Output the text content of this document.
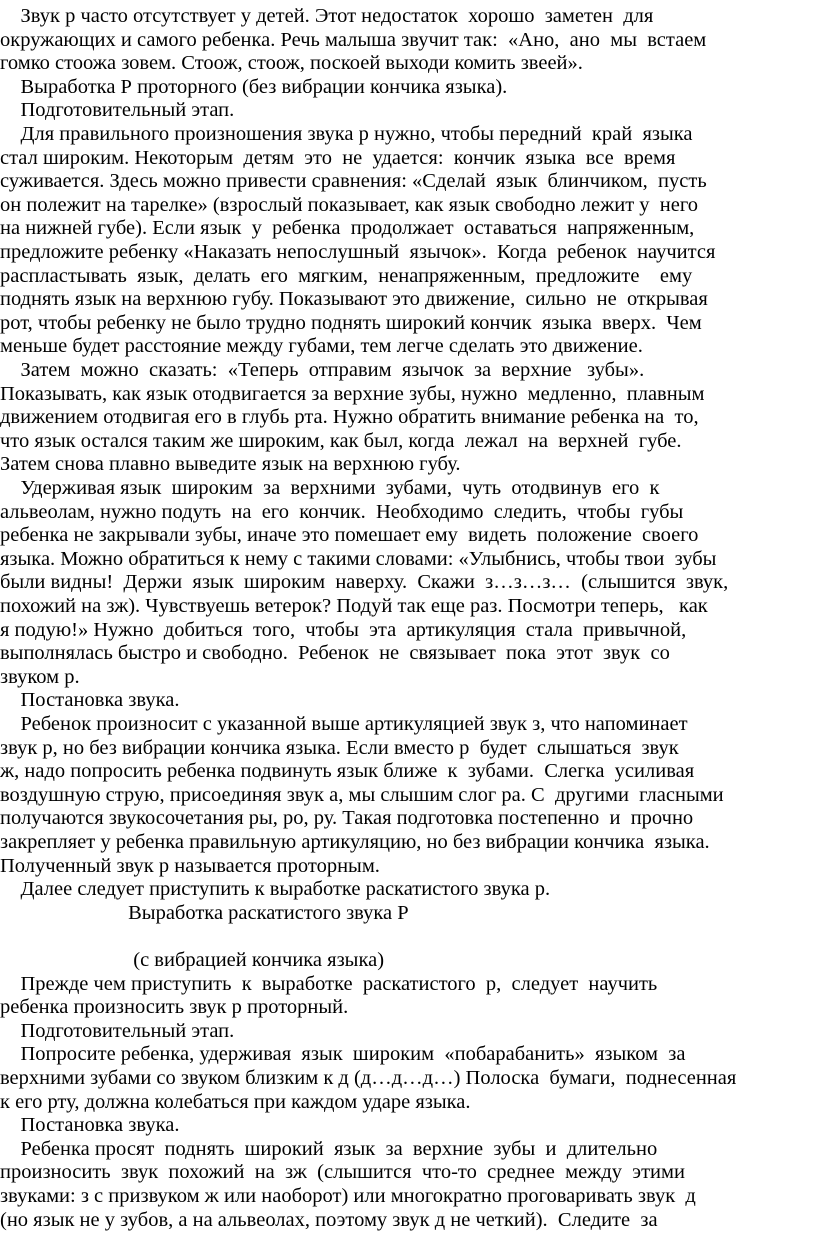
Звук р часто отсутствует у детей. Этот недостаток  хорошо  заметен  для
окружающих и самого ребенка. Речь малыша звучит так:  «Ано,  ано  мы  встаем
гомко стоожа зовем. Стоож, стоож, поскоей выходи комить звеей».
Выработка Р проторного (без вибрации кончика языка).
Подготовительный этап.
Для правильного произношения звука р нужно, чтобы передний  край  языка
стал широким. Некоторым  детям  это  не  удается:  кончик  языка  все  время
суживается. Здесь можно привести сравнения: «Сделай  язык  блинчиком,  пусть
он полежит на тарелке» (взрослый показывает, как язык свободно лежит у  него
на нижней губе). Если язык  у  ребенка  продолжает  оставаться  напряженным,
предложите ребенку «Наказать непослушный  язычок».  Когда  ребенок  научится
распластывать  язык,  делать  его  мягким,  ненапряженным,  предложите    ему
поднять язык на верхнюю губу. Показывают это движение,  сильно  не  открывая
рот, чтобы ребенку не было трудно поднять широкий кончик  языка  вверх.  Чем
меньше будет расстояние между губами, тем легче сделать это движение.
Затем  можно  сказать:  «Теперь  отправим  язычок  за  верхние   зубы».
Показывать, как язык отодвигается за верхние зубы, нужно  медленно,  плавным
движением отодвигая его в глубь рта. Нужно обратить внимание ребенка на  то,
что язык остался таким же широким, как был, когда  лежал  на  верхней  губе.
Затем снова плавно выведите язык на верхнюю губу.
Удерживая язык  широким  за  верхними  зубами,  чуть  отодвинув  его  к
альвеолам, нужно подуть  на  его  кончик.  Необходимо  следить,  чтобы  губы
ребенка не закрывали зубы, иначе это помешает ему  видеть  положение  своего
языка. Можно обратиться к нему с такими словами: «Улыбнись, чтобы твои  зубы
были видны!  Держи  язык  широким  наверху.  Скажи  з…з…з…  (слышится  звук,
похожий на зж). Чувствуешь ветерок? Подуй так еще раз. Посмотри теперь,   как
я подую!» Нужно  добиться  того,  чтобы  эта  артикуляция  стала  привычной,
выполнялась быстро и свободно.  Ребенок  не  связывает  пока  этот  звук  со
звуком р.
Постановка звука.
Ребенок произносит с указанной выше артикуляцией звук з, что напоминает
звук р, но без вибрации кончика языка. Если вместо р  будет  слышаться  звук
ж, надо попросить ребенка подвинуть язык ближе  к  зубами.  Слегка  усиливая
воздушную струю, присоединяя звук а, мы слышим слог ра. С  другими  гласными
получаются звукосочетания ры, ро, ру. Такая подготовка постепенно  и  прочно
закрепляет у ребенка правильную артикуляцию, но без вибрации кончика  языка.
Полученный звук р называется проторным.
Далее следует приступить к выработке раскатистого звука р.
Выработка раскатистого звука Р
(с вибрацией кончика языка)
Прежде чем приступить  к  выработке  раскатистого  р,  следует  научить
ребенка произносить звук р проторный.
Подготовительный этап.
Попросите ребенка, удерживая  язык  широким  «побарабанить»  языком  за
верхними зубами со звуком близким к д (д…д…д…) Полоска  бумаги,  поднесенная
к его рту, должна колебаться при каждом ударе языка.
Постановка звука.
Ребенка просят  поднять  широкий  язык  за  верхние  зубы  и  длительно
произносить  звук  похожий  на  зж  (слышится  что-то  среднее  между  этими
звуками: з с призвуком ж или наоборот) или многократно проговаривать звук  д
(но язык не у зубов, а на альвеолах, поэтому звук д не четкий).  Следите  за
